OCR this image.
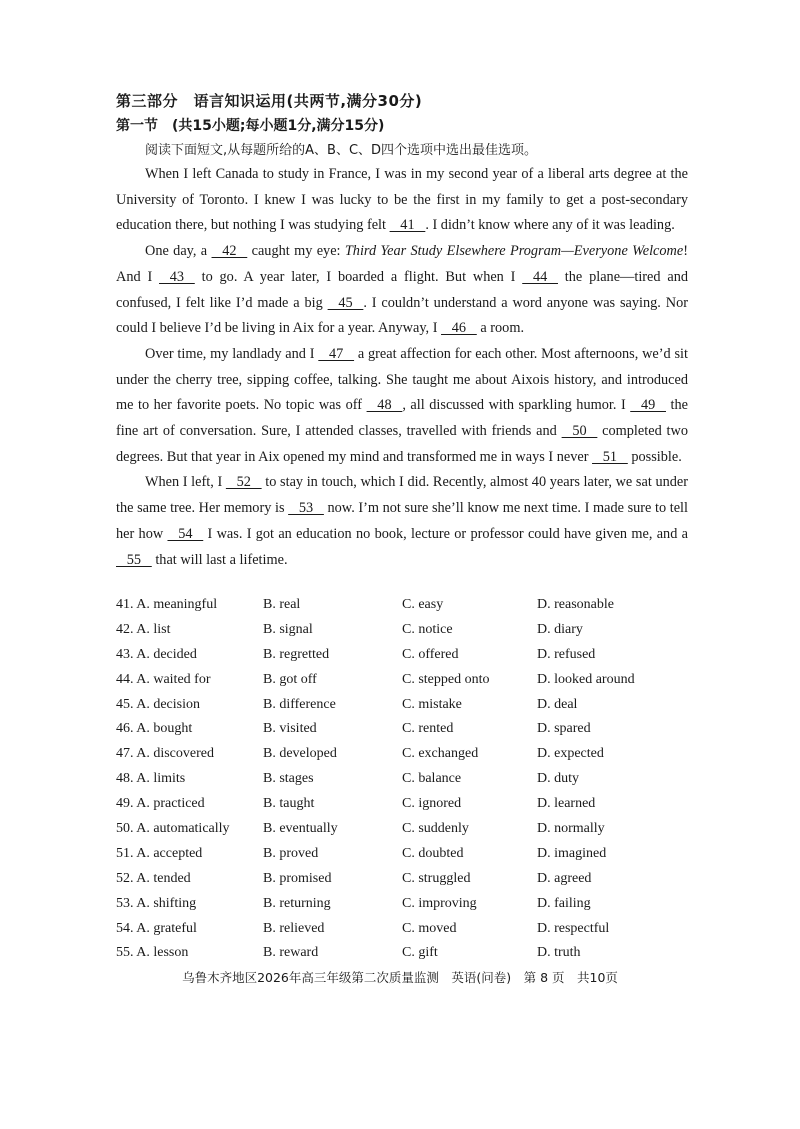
第三部分　语言知识运用(共两节,满分30分)
第一节　(共15小题;每小题1分,满分15分)
阅读下面短文,从每题所给的A、B、C、D四个选项中选出最佳选项。

When I left Canada to study in France, I was in my second year of a liberal arts degree at the University of Toronto. I knew I was lucky to be the first in my family to get a post-secondary education there, but nothing I was studying felt    41   . I didn’t know where any of it was leading.

One day, a    42    caught my eye: Third Year Study Elsewhere Program—Everyone Welcome! And I    43    to go. A year later, I boarded a flight. But when I    44    the plane—tired and confused, I felt like I’d made a big    45   . I couldn’t understand a word anyone was saying. Nor could I believe I’d be living in Aix for a year. Anyway, I    46    a room.

Over time, my landlady and I    47    a great affection for each other. Most afternoons, we’d sit under the cherry tree, sipping coffee, talking. She taught me about Aixois history, and introduced me to her favorite poets. No topic was off    48   , all discussed with sparkling humor. I    49    the fine art of conversation. Sure, I attended classes, travelled with friends and    50    completed two degrees. But that year in Aix opened my mind and transformed me in ways I never    51    possible.

When I left, I    52    to stay in touch, which I did. Recently, almost 40 years later, we sat under the same tree. Her memory is    53    now. I’m not sure she’ll know me next time. I made sure to tell her how    54    I was. I got an education no book, lecture or professor could have given me, and a    55    that will last a lifetime.

41. A. meaningful	B. real	C. easy	D. reasonable
42. A. list	B. signal	C. notice	D. diary
43. A. decided	B. regretted	C. offered	D. refused
44. A. waited for	B. got off	C. stepped onto	D. looked around
45. A. decision	B. difference	C. mistake	D. deal
46. A. bought	B. visited	C. rented	D. spared
47. A. discovered	B. developed	C. exchanged	D. expected
48. A. limits	B. stages	C. balance	D. duty
49. A. practiced	B. taught	C. ignored	D. learned
50. A. automatically B. eventually	C. suddenly	D. normally
51. A. accepted	B. proved	C. doubted	D. imagined
52. A. tended	B. promised	C. struggled	D. agreed
53. A. shifting	B. returning	C. improving	D. failing
54. A. grateful	B. relieved	C. moved	D. respectful
55. A. lesson	B. reward	C. gift	D. truth
乌鲁木齐地区2026年高三年级第二次质量监测　英语(问卷)　第 8 页　共10页
